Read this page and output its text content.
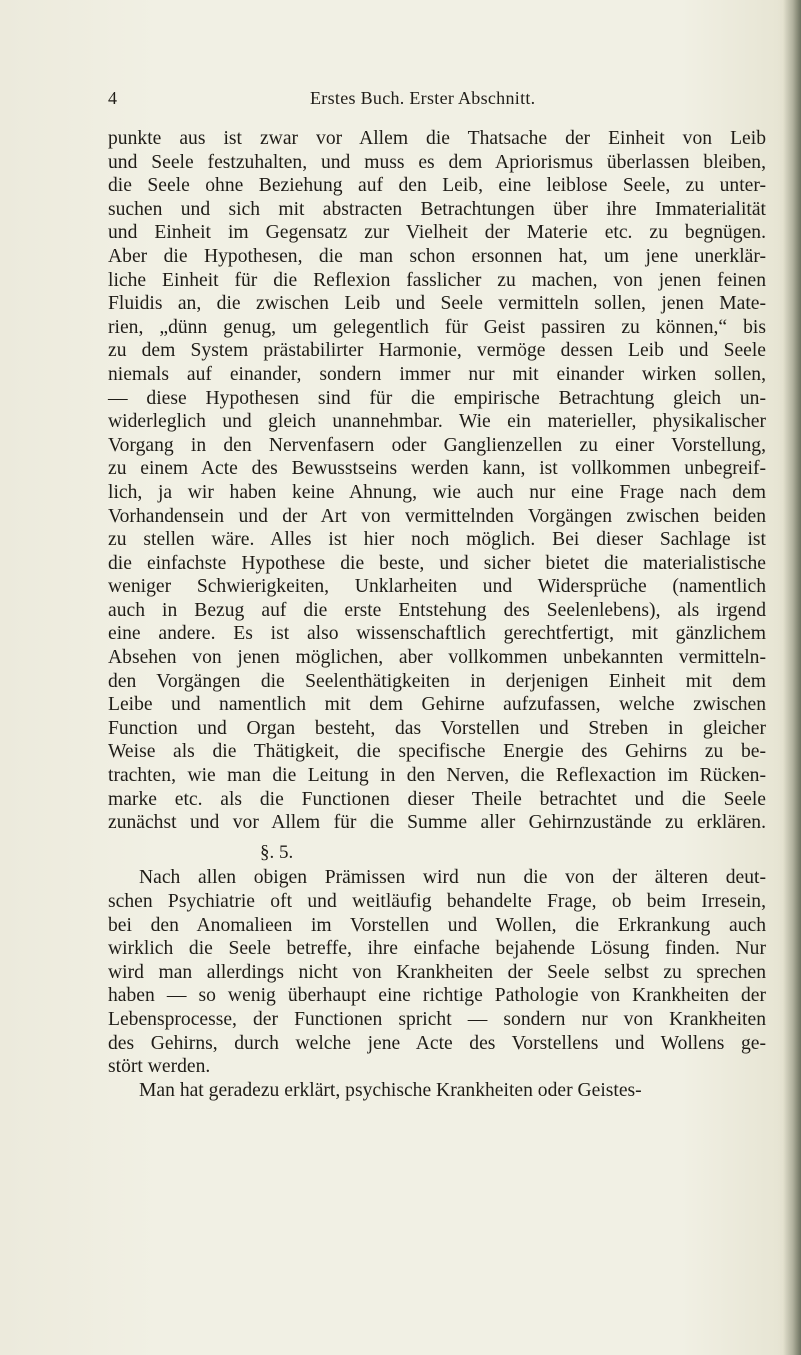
4	Erstes Buch. Erster Abschnitt.
punkte aus ist zwar vor Allem die Thatsache der Einheit von Leib
und Seele festzuhalten, und muss es dem Apriorismus überlassen bleiben,
die Seele ohne Beziehung auf den Leib, eine leiblose Seele, zu unter-
suchen und sich mit abstracten Betrachtungen über ihre Immaterialität
und Einheit im Gegensatz zur Vielheit der Materie etc. zu begnügen.
Aber die Hypothesen, die man schon ersonnen hat, um jene unerklär-
liche Einheit für die Reflexion fasslicher zu machen, von jenen feinen
Fluidis an, die zwischen Leib und Seele vermitteln sollen, jenen Mate-
rien, „dünn genug, um gelegentlich für Geist passiren zu können,“ bis
zu dem System prästabilirter Harmonie, vermöge dessen Leib und Seele
niemals auf einander, sondern immer nur mit einander wirken sollen,
— diese Hypothesen sind für die empirische Betrachtung gleich un-
widerleglich und gleich unannehmbar. Wie ein materieller, physikalischer
Vorgang in den Nervenfasern oder Ganglienzellen zu einer Vorstellung,
zu einem Acte des Bewusstseins werden kann, ist vollkommen unbegreif-
lich, ja wir haben keine Ahnung, wie auch nur eine Frage nach dem
Vorhandensein und der Art von vermittelnden Vorgängen zwischen beiden
zu stellen wäre. Alles ist hier noch möglich. Bei dieser Sachlage ist
die einfachste Hypothese die beste, und sicher bietet die materialistische
weniger Schwierigkeiten, Unklarheiten und Widersprüche (namentlich
auch in Bezug auf die erste Entstehung des Seelenlebens), als irgend
eine andere. Es ist also wissenschaftlich gerechtfertigt, mit gänzlichem
Absehen von jenen möglichen, aber vollkommen unbekannten vermitteln-
den Vorgängen die Seelenthätigkeiten in derjenigen Einheit mit dem
Leibe und namentlich mit dem Gehirne aufzufassen, welche zwischen
Function und Organ besteht, das Vorstellen und Streben in gleicher
Weise als die Thätigkeit, die specifische Energie des Gehirns zu be-
trachten, wie man die Leitung in den Nerven, die Reflexaction im Rücken-
marke etc. als die Functionen dieser Theile betrachtet und die Seele
zunächst und vor Allem für die Summe aller Gehirnzustände zu erklären.
§. 5.
Nach allen obigen Prämissen wird nun die von der älteren deut-
schen Psychiatrie oft und weitläufig behandelte Frage, ob beim Irresein,
bei den Anomalieen im Vorstellen und Wollen, die Erkrankung auch
wirklich die Seele betreffe, ihre einfache bejahende Lösung finden. Nur
wird man allerdings nicht von Krankheiten der Seele selbst zu sprechen
haben — so wenig überhaupt eine richtige Pathologie von Krankheiten der
Lebensprocesse, der Functionen spricht — sondern nur von Krankheiten
des Gehirns, durch welche jene Acte des Vorstellens und Wollens ge-
stört werden.
Man hat geradezu erklärt, psychische Krankheiten oder Geistes-
